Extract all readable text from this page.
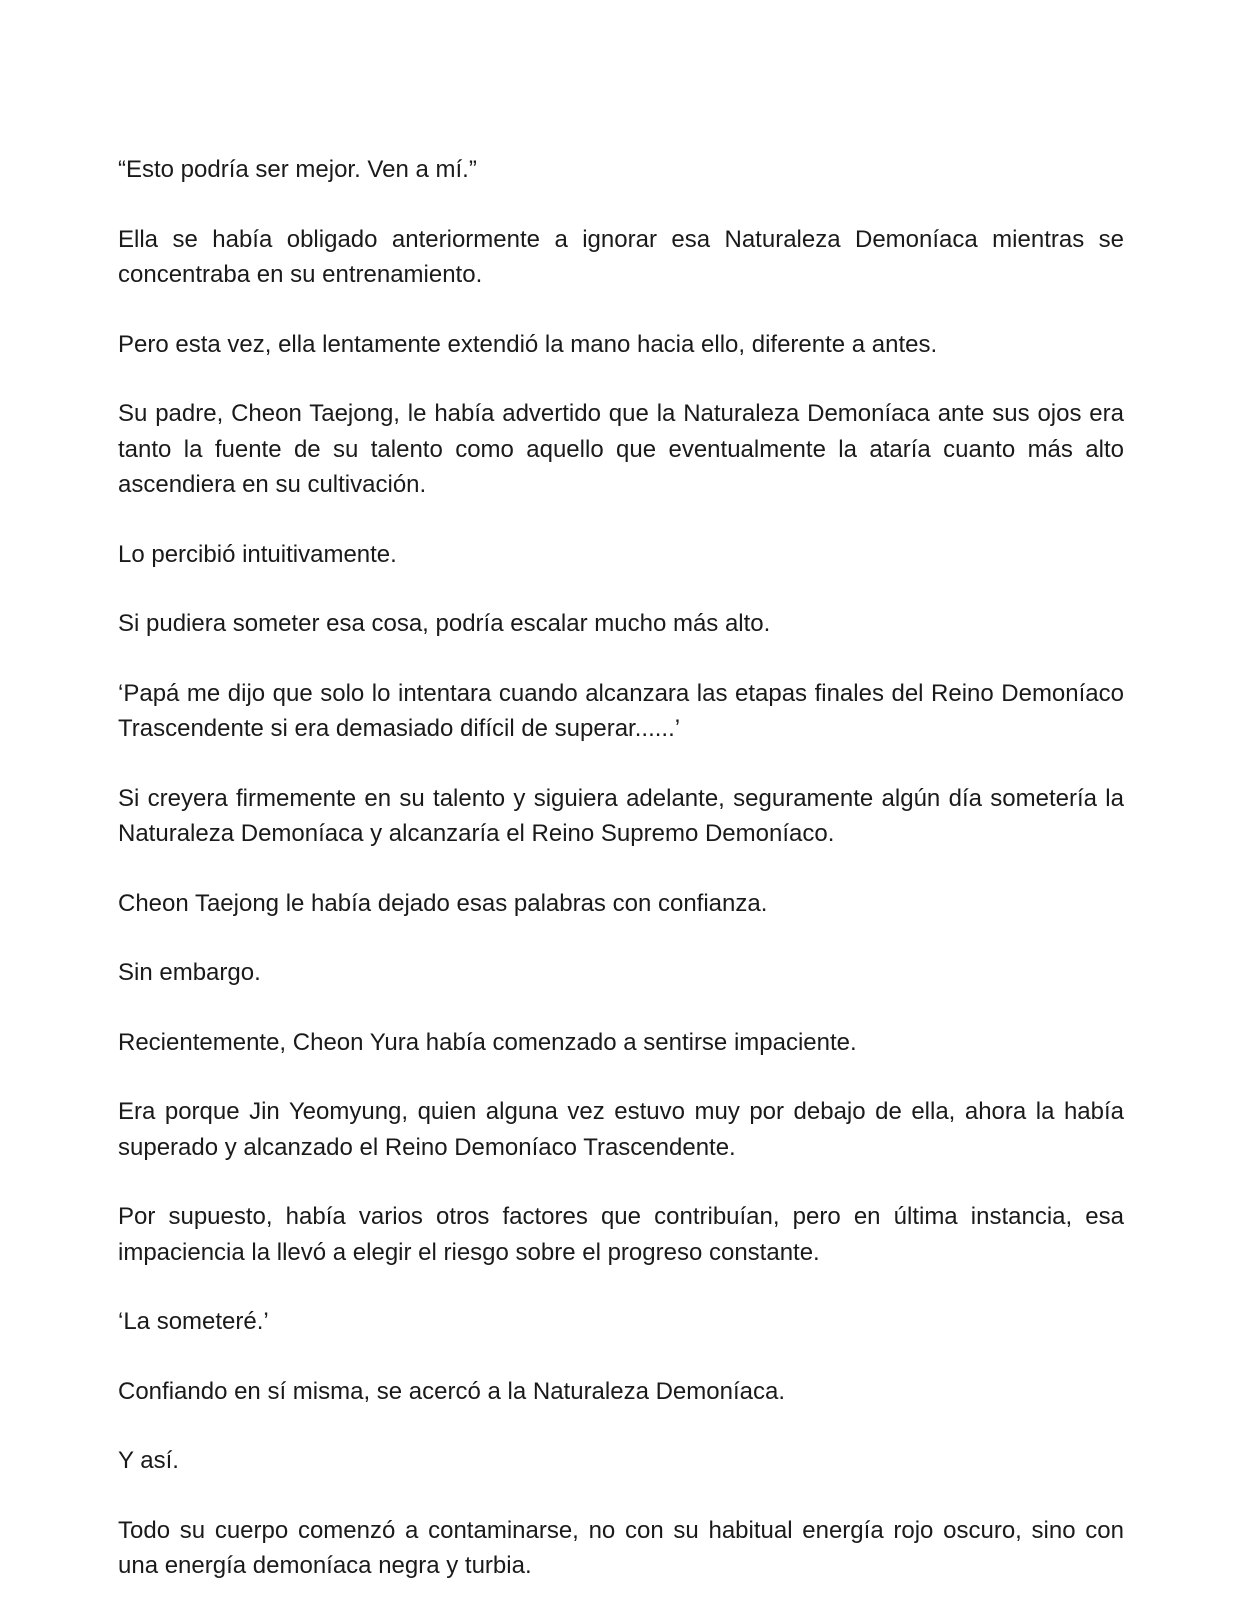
“Esto podría ser mejor. Ven a mí.”

Ella se había obligado anteriormente a ignorar esa Naturaleza Demoníaca mientras se concentraba en su entrenamiento.

Pero esta vez, ella lentamente extendió la mano hacia ello, diferente a antes.

Su padre, Cheon Taejong, le había advertido que la Naturaleza Demoníaca ante sus ojos era tanto la fuente de su talento como aquello que eventualmente la ataría cuanto más alto ascendiera en su cultivación.

Lo percibió intuitivamente.

Si pudiera someter esa cosa, podría escalar mucho más alto.

‘Papá me dijo que solo lo intentara cuando alcanzara las etapas finales del Reino Demoníaco Trascendente si era demasiado difícil de superar......’

Si creyera firmemente en su talento y siguiera adelante, seguramente algún día sometería la Naturaleza Demoníaca y alcanzaría el Reino Supremo Demoníaco.

Cheon Taejong le había dejado esas palabras con confianza.

Sin embargo.

Recientemente, Cheon Yura había comenzado a sentirse impaciente.

Era porque Jin Yeomyung, quien alguna vez estuvo muy por debajo de ella, ahora la había superado y alcanzado el Reino Demoníaco Trascendente.

Por supuesto, había varios otros factores que contribuían, pero en última instancia, esa impaciencia la llevó a elegir el riesgo sobre el progreso constante.

‘La someteré.’

Confiando en sí misma, se acercó a la Naturaleza Demoníaca.

Y así.

Todo su cuerpo comenzó a contaminarse, no con su habitual energía rojo oscuro, sino con una energía demoníaca negra y turbia.
